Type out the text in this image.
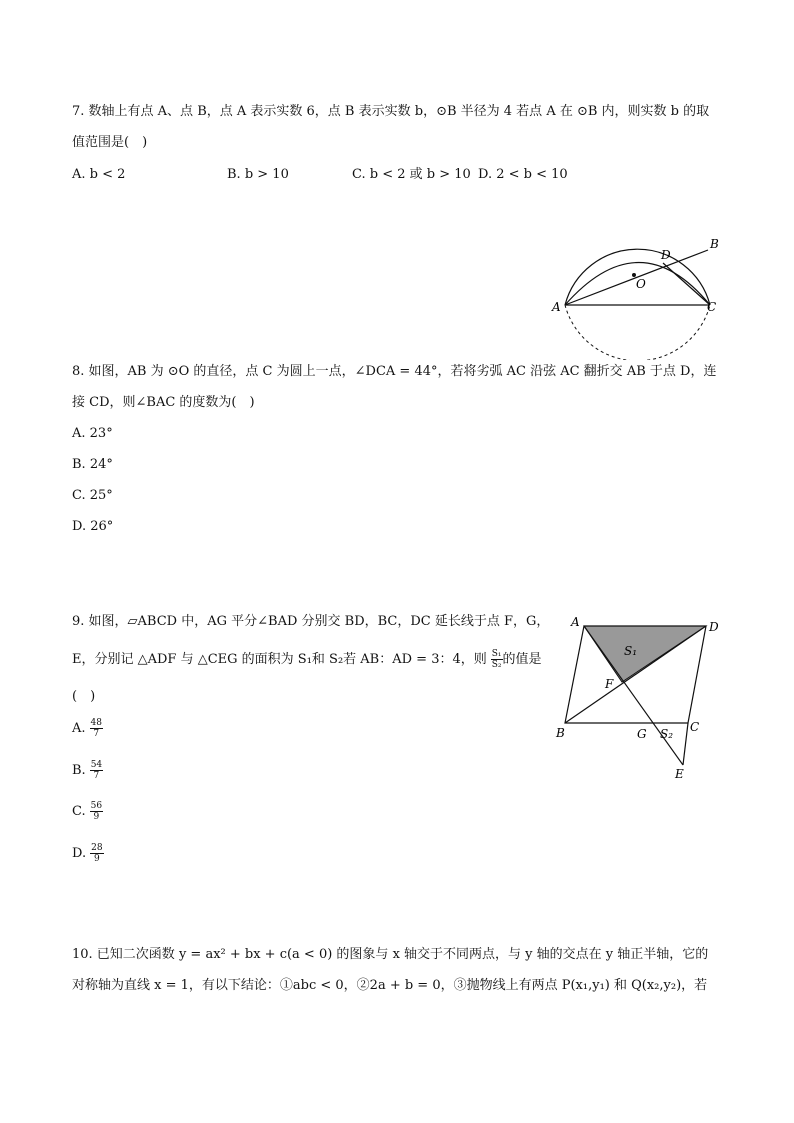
7. 数轴上有点 A、点 B，点 A 表示实数 6，点 B 表示实数 b，⊙B 半径为 4 若点 A 在 ⊙B 内，则实数 b 的取
值范围是(　)
A. b < 2	B. b > 10	C. b < 2 或 b > 10 D. 2 < b < 10
A
B
C
D
O
8. 如图，AB 为 ⊙O 的直径，点 C 为圆上一点，∠DCA = 44°，若将劣弧 AC 沿弦 AC 翻折交 AB 于点 D，连
接 CD，则∠BAC 的度数为(　)
A. 23°
B. 24°
C. 25°
D. 26°
A	D
B	C
F
G
E
S₁
S₂
9. 如图，▱ABCD 中，AG 平分∠BAD 分别交 BD，BC，DC 延长线于点 F，G，
E，分别记 △ADF 与 △CEG 的面积为 S₁和 S₂若 AB：AD = 3：4，则 $\frac{\text{S₁}}{\text{S₂}}$ 的值是
(　)
A. $\frac{48}{7}$
B. $\frac{54}{7}$
C. $\frac{56}{9}$
D. $\frac{28}{9}$
10. 已知二次函数 y = ax² + bx + c(a < 0) 的图象与 x 轴交于不同两点，与 y 轴的交点在 y 轴正半轴，它的
对称轴为直线 x = 1，有以下结论：①abc < 0，②2a + b = 0，③抛物线上有两点 P(x₁,y₁) 和 Q(x₂,y₂)，若
